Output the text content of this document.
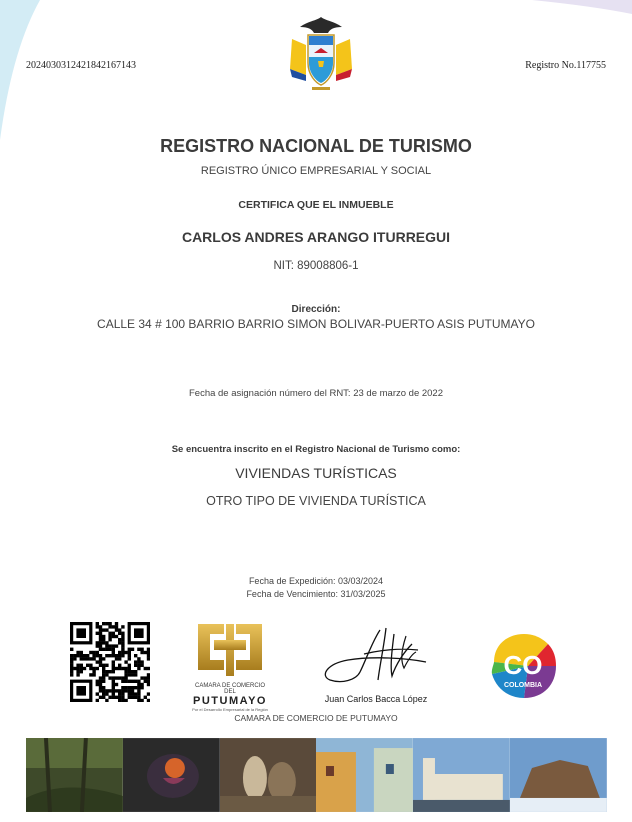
20240303124218421671​43	Registro No.117755
REGISTRO NACIONAL DE TURISMO
REGISTRO ÚNICO EMPRESARIAL Y SOCIAL
CERTIFICA QUE EL INMUEBLE
CARLOS ANDRES ARANGO ITURREGUI
NIT: 89008806-1
Dirección:
CALLE 34 # 100 BARRIO BARRIO SIMON BOLIVAR-PUERTO ASIS PUTUMAYO
Fecha de asignación número del RNT: 23 de marzo de 2022
Se encuentra inscrito en el Registro Nacional de Turismo como:
VIVIENDAS TURÍSTICAS
OTRO TIPO DE VIVIENDA TURÍSTICA
Fecha de Expedición: 03/03/2024
Fecha de Vencimiento: 31/03/2025
CAMARA DE COMERCIO DEL
PUTUMAYO
Por el Desarrollo Empresarial de la Región
Juan Carlos Bacca López
CO
COLOMBIA
CAMARA DE COMERCIO DE PUTUMAYO
